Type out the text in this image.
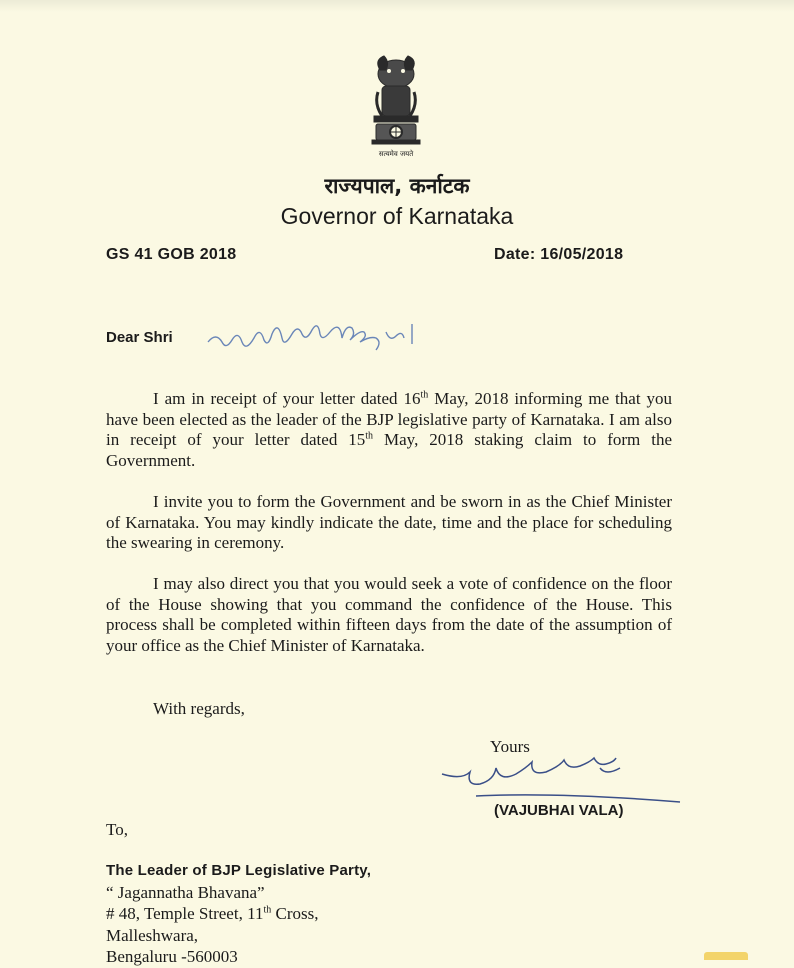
सत्यमेव जयते
राज्यपाल, कर्नाटक
Governor of Karnataka
GS 41 GOB 2018	Date: 16/05/2018
Dear Shri

I am in receipt of your letter dated 16th May, 2018 informing me that you have been elected as the leader of the BJP legislative party of Karnataka. I am also in receipt of your letter dated 15th May, 2018 staking claim to form the Government.

I invite you to form the Government and be sworn in as the Chief Minister of Karnataka. You may kindly indicate the date, time and the place for scheduling the swearing in ceremony.

I may also direct you that you would seek a vote of confidence on the floor of the House showing that you command the confidence of the House. This process shall be completed within fifteen days from the date of the assumption of your office as the Chief Minister of Karnataka.

With regards,
Yours
(VAJUBHAI VALA)
To,
The Leader of BJP Legislative Party,
“ Jagannatha Bhavana”
# 48, Temple Street, 11th Cross,
Malleshwara,
Bengaluru -560003
